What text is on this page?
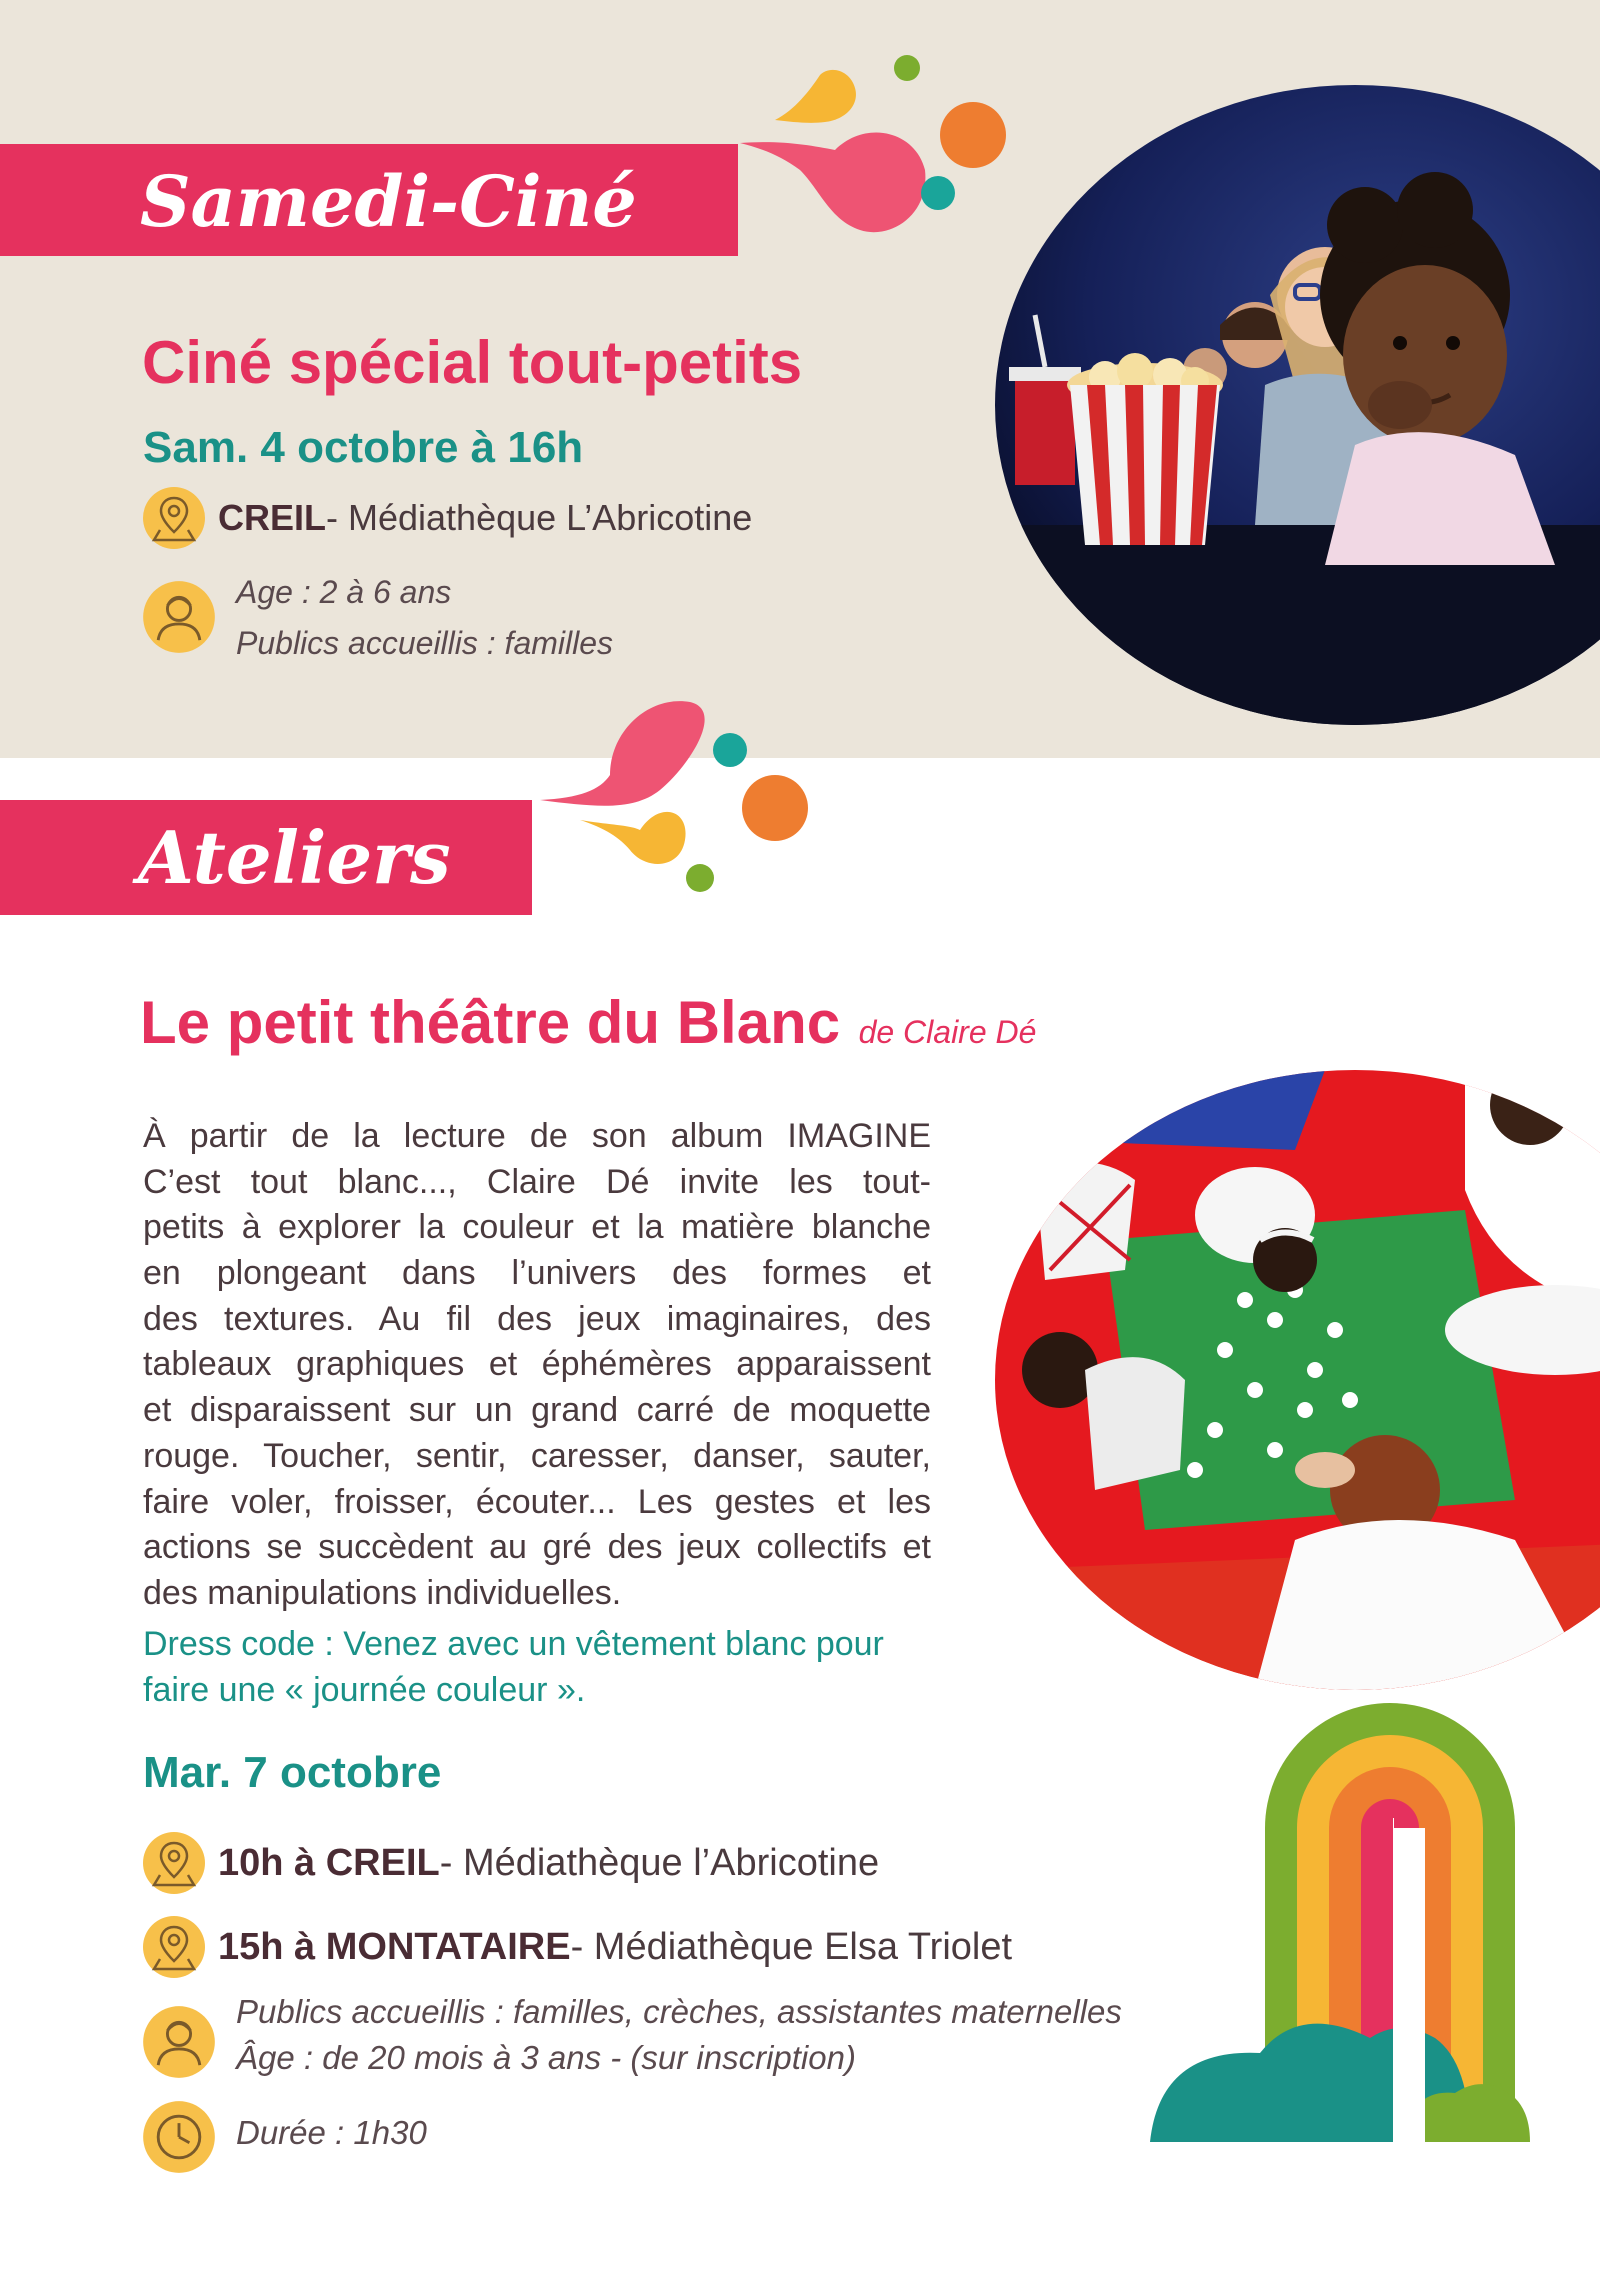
Samedi-Ciné
Ciné spécial tout-petits
Sam. 4 octobre à 16h
CREIL - Médiathèque L’Abricotine
Age : 2 à 6 ans
Publics accueillis : familles
Ateliers
Le petit théâtre du Blanc de Claire Dé
À partir de la lecture de son album IMAGINE
C’est tout blanc..., Claire Dé invite les tout-
petits à explorer la couleur et la matière blanche
en plongeant dans l’univers des formes et
des textures. Au fil des jeux imaginaires, des
tableaux graphiques et éphémères apparaissent
et disparaissent sur un grand carré de moquette
rouge. Toucher, sentir, caresser, danser, sauter,
faire voler, froisser, écouter... Les gestes et les
actions se succèdent au gré des jeux collectifs et
des manipulations individuelles.
Dress code : Venez avec un vêtement blanc pour
faire une « journée couleur ».
Mar. 7 octobre
10h à CREIL - Médiathèque l’Abricotine
15h à MONTATAIRE - Médiathèque Elsa Triolet
Publics accueillis : familles, crèches, assistantes maternelles
Âge : de 20 mois à 3 ans - (sur inscription)
Durée : 1h30
